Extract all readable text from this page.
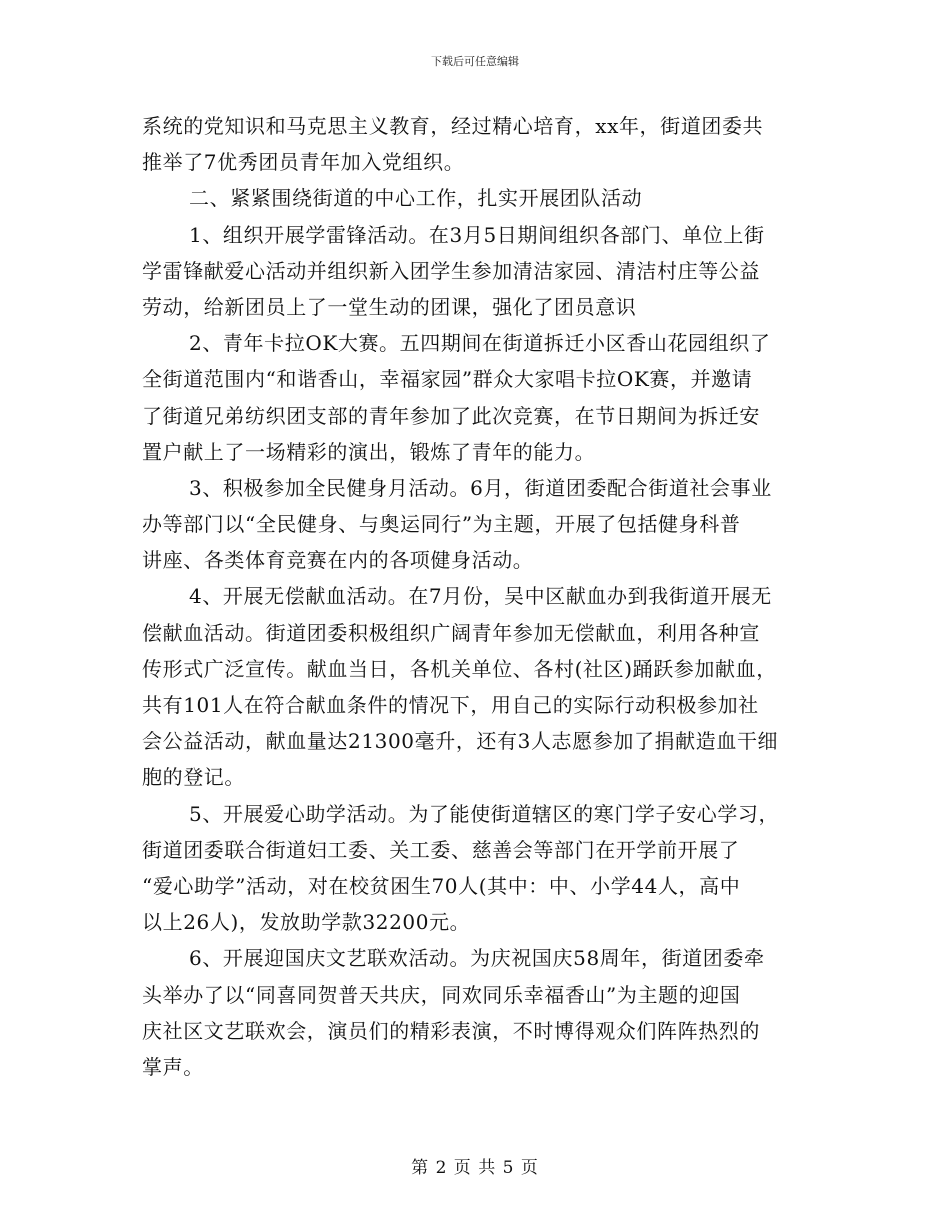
下载后可任意编辑
系统的党知识和马克思主义教育，经过精心培育，xx年，街道团委共
推举了7优秀团员青年加入党组织。
二、紧紧围绕街道的中心工作，扎实开展团队活动
1、组织开展学雷锋活动。在3月5日期间组织各部门、单位上街
学雷锋献爱心活动并组织新入团学生参加清洁家园、清洁村庄等公益
劳动，给新团员上了一堂生动的团课，强化了团员意识
2、青年卡拉OK大赛。五四期间在街道拆迁小区香山花园组织了
全街道范围内“和谐香山，幸福家园”群众大家唱卡拉OK赛，并邀请
了街道兄弟纺织团支部的青年参加了此次竞赛，在节日期间为拆迁安
置户献上了一场精彩的演出，锻炼了青年的能力。
3、积极参加全民健身月活动。6月，街道团委配合街道社会事业
办等部门以“全民健身、与奥运同行”为主题，开展了包括健身科普
讲座、各类体育竞赛在内的各项健身活动。
4、开展无偿献血活动。在7月份，吴中区献血办到我街道开展无
偿献血活动。街道团委积极组织广阔青年参加无偿献血，利用各种宣
传形式广泛宣传。献血当日，各机关单位、各村(社区)踊跃参加献血，
共有101人在符合献血条件的情况下，用自己的实际行动积极参加社
会公益活动，献血量达21300毫升，还有3人志愿参加了捐献造血干细
胞的登记。
5、开展爱心助学活动。为了能使街道辖区的寒门学子安心学习，
街道团委联合街道妇工委、关工委、慈善会等部门在开学前开展了
“爱心助学”活动，对在校贫困生70人(其中：中、小学44人，高中
以上26人)，发放助学款32200元。
6、开展迎国庆文艺联欢活动。为庆祝国庆58周年，街道团委牵
头举办了以“同喜同贺普天共庆，同欢同乐幸福香山”为主题的迎国
庆社区文艺联欢会，演员们的精彩表演，不时博得观众们阵阵热烈的
掌声。
第 2 页 共 5 页
